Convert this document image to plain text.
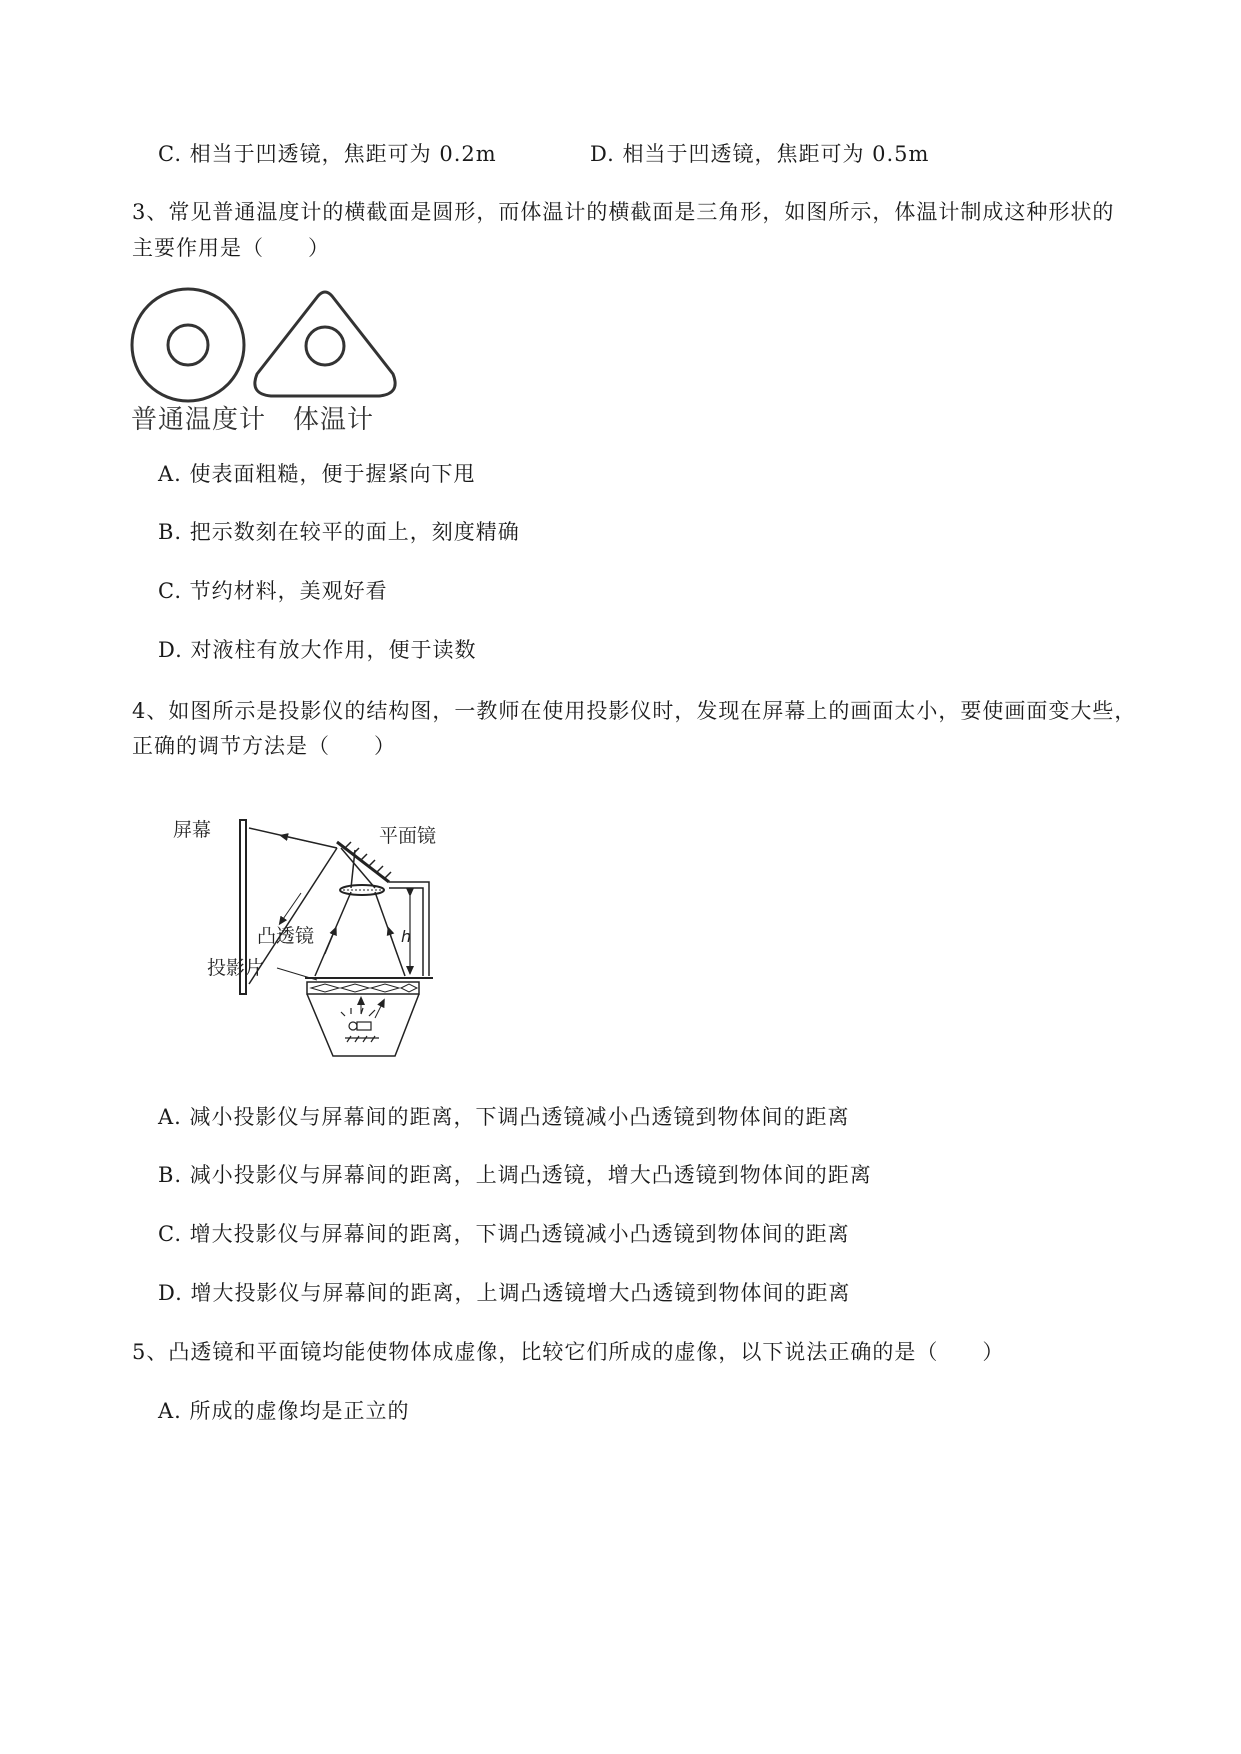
C. 相当于凹透镜，焦距可为 0.2m	D. 相当于凹透镜，焦距可为 0.5m
3、常见普通温度计的横截面是圆形，而体温计的横截面是三角形，如图所示，体温计制成这种形状的
主要作用是（　　）
普通温度计 体温计
A. 使表面粗糙，便于握紧向下甩
B. 把示数刻在较平的面上，刻度精确
C. 节约材料，美观好看
D. 对液柱有放大作用，便于读数
4、如图所示是投影仪的结构图，一教师在使用投影仪时，发现在屏幕上的画面太小，要使画面变大些，
正确的调节方法是（　　）
h
屏幕	平面镜
凸透镜
投影片
A. 减小投影仪与屏幕间的距离，下调凸透镜减小凸透镜到物体间的距离
B. 减小投影仪与屏幕间的距离，上调凸透镜，增大凸透镜到物体间的距离
C. 增大投影仪与屏幕间的距离，下调凸透镜减小凸透镜到物体间的距离
D. 增大投影仪与屏幕间的距离，上调凸透镜增大凸透镜到物体间的距离
5、凸透镜和平面镜均能使物体成虚像，比较它们所成的虚像，以下说法正确的是（　　）
A. 所成的虚像均是正立的
